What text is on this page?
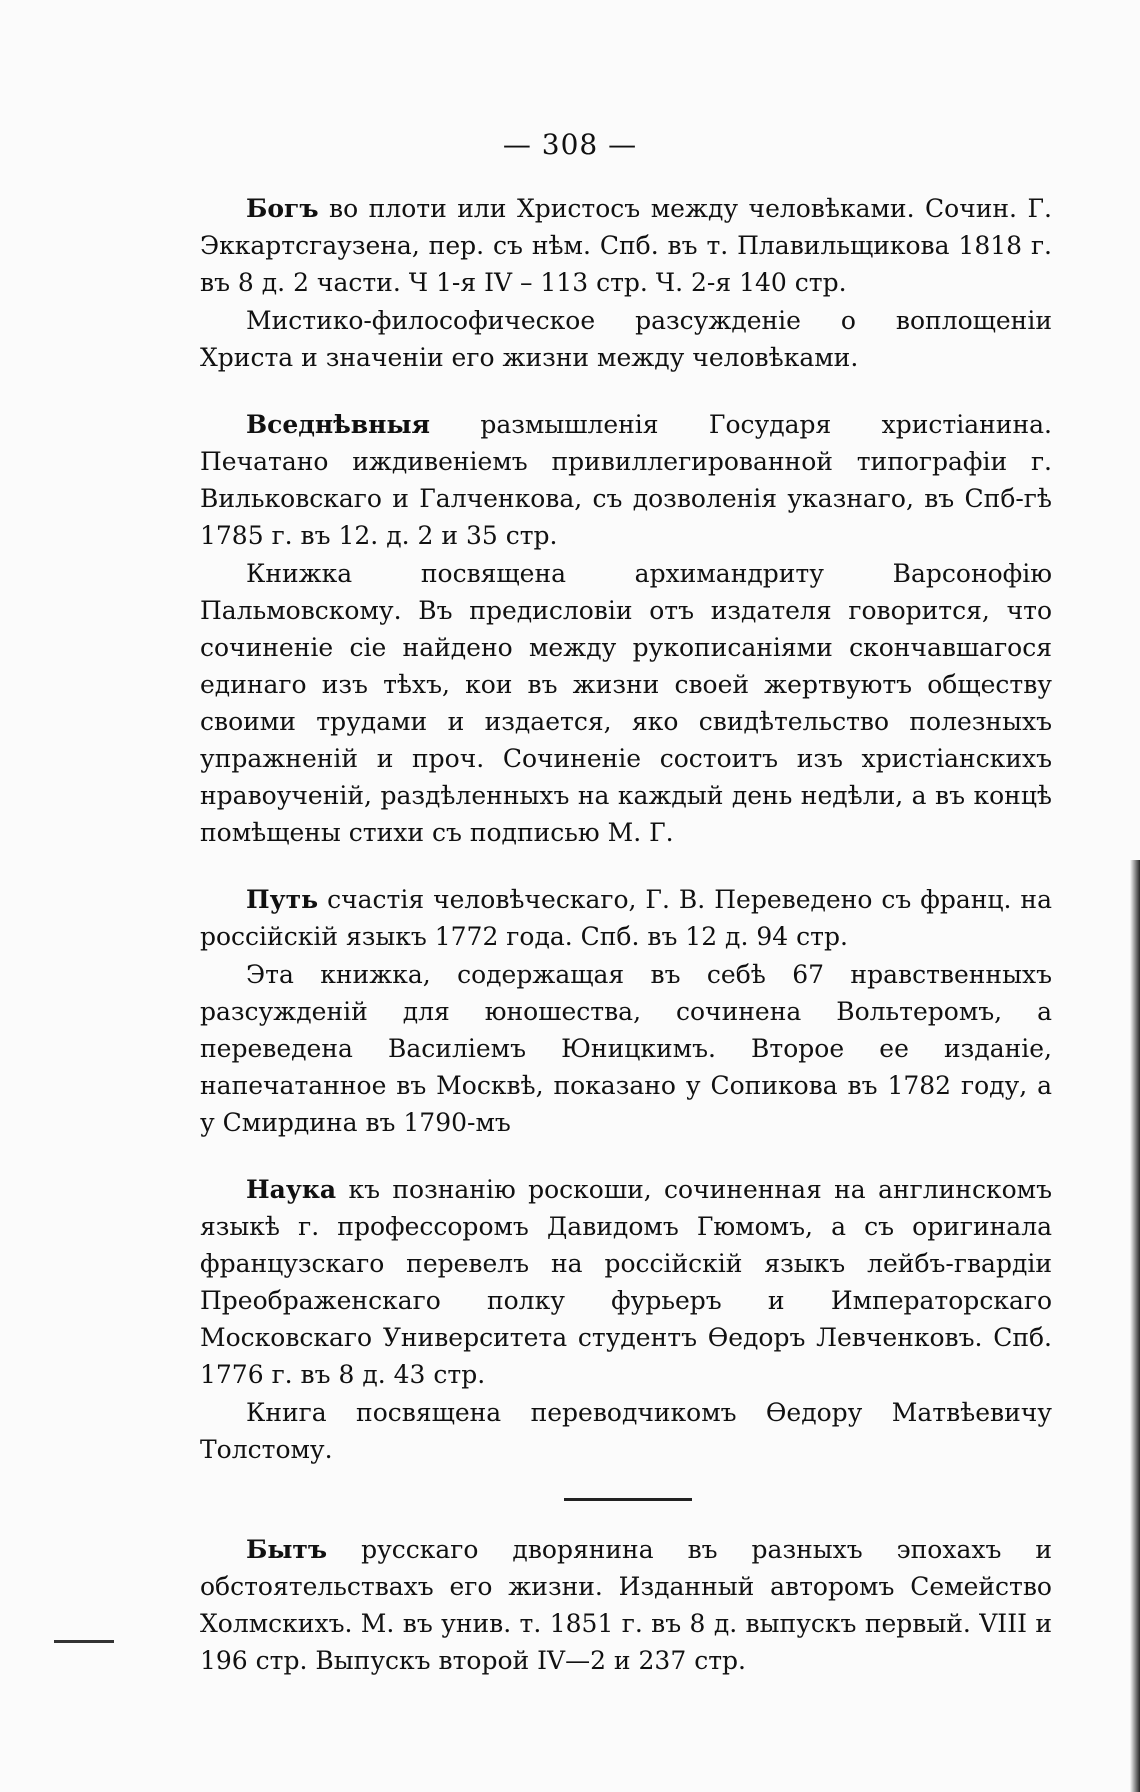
— 308 —

Богъ во плоти или Христосъ между человѣками. Сочин. Г. Эккартсгаузена, пер. съ нѣм. Спб. въ т. Плавильщикова 1818 г. въ 8 д. 2 части. Ч 1-я IV – 113 стр. Ч. 2-я 140 стр.

Мистико-философическое разсужденіе о воплощеніи Христа и значеніи его жизни между человѣками.

Вседнѣвныя размышленія Государя христіанина. Печатано иждивеніемъ привиллегированной типографіи г. Вильковскаго и Галченкова, съ дозволенія указнаго, въ Спб-гѣ 1785 г. въ 12. д. 2 и 35 стр.

Книжка посвящена архимандриту Варсонофію Пальмовскому. Въ предисловіи отъ издателя говорится, что сочиненіе сіе найдено между рукописаніями скончавшагося единаго изъ тѣхъ, кои въ жизни своей жертвуютъ обществу своими трудами и издается, яко свидѣтельство полезныхъ упражненій и проч. Сочиненіе состоитъ изъ христіанскихъ нравоученій, раздѣленныхъ на каждый день недѣли, а въ концѣ помѣщены стихи съ подписью М. Г.

Путь счастія человѣческаго, Г. В. Переведено съ франц. на россійскій языкъ 1772 года. Спб. въ 12 д. 94 стр.

Эта книжка, содержащая въ себѣ 67 нравственныхъ разсужденій для юношества, сочинена Вольтеромъ, а переведена Василіемъ Юницкимъ. Второе ее изданіе, напечатанное въ Москвѣ, показано у Сопикова въ 1782 году, а у Смирдина въ 1790-мъ

Наука къ познанію роскоши, сочиненная на англинскомъ языкѣ г. профессоромъ Давидомъ Гюмомъ, а съ оригинала французскаго перевелъ на россійскій языкъ лейбъ-гвардіи Преображенскаго полку фурьеръ и Императорскаго Московскаго Университета студентъ Ѳедоръ Левченковъ. Спб. 1776 г. въ 8 д. 43 стр.

Книга посвящена переводчикомъ Ѳедору Матвѣевичу Толстому.

Бытъ русскаго дворянина въ разныхъ эпохахъ и обстоятельствахъ его жизни. Изданный авторомъ Семейство Холмскихъ. М. въ унив. т. 1851 г. въ 8 д. выпускъ первый. VIII и 196 стр. Выпускъ второй IV—2 и 237 стр.
